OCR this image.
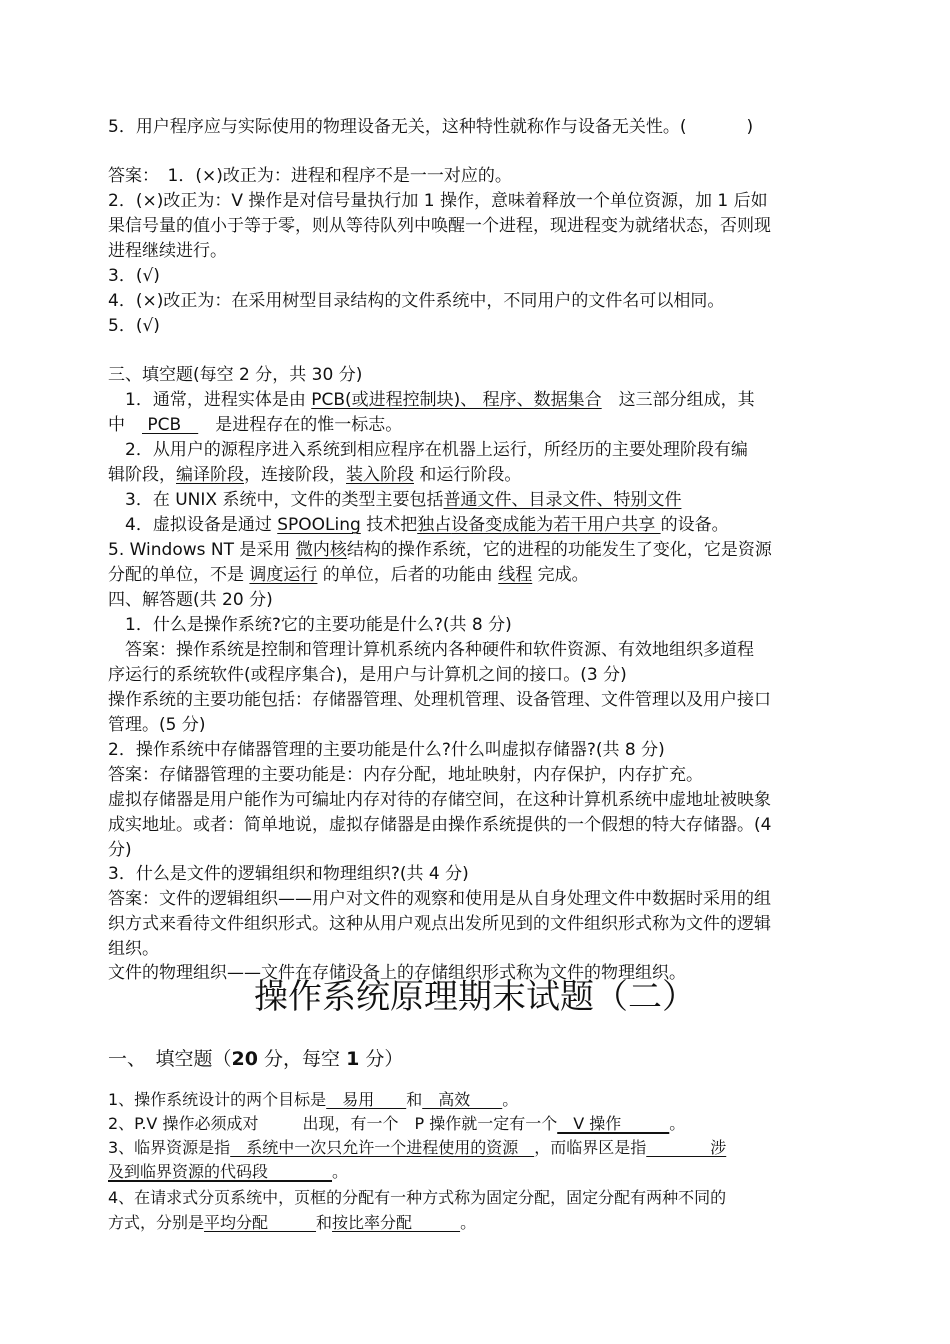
5．用户程序应与实际使用的物理设备无关，这种特性就称作与设备无关性。(	)
答案：　1．(×)改正为：进程和程序不是一一对应的。
2．(×)改正为：V 操作是对信号量执行加 1 操作，意味着释放一个单位资源，加 1 后如
果信号量的值小于等于零，则从等待队列中唤醒一个进程，现进程变为就绪状态，否则现
进程继续进行。
3．(√)
4．(×)改正为：在采用树型目录结构的文件系统中，不同用户的文件名可以相同。
5．(√)
三、填空题(每空 2 分，共 30 分)
　1．通常，进程实体是由 PCB(或进程控制块)、 程序、数据集合　这三部分组成，其
中　 PCB　　是进程存在的惟一标志。
　2．从用户的源程序进入系统到相应程序在机器上运行，所经历的主要处理阶段有编
辑阶段，编译阶段，连接阶段，装入阶段 和运行阶段。
　3．在 UNIX 系统中，文件的类型主要包括普通文件、目录文件、特别文件
　4．虚拟设备是通过 SPOOLing 技术把独占设备变成能为若干用户共享 的设备。
5. Windows NT 是采用 微内核结构的操作系统，它的进程的功能发生了变化，它是资源
分配的单位，不是 调度运行 的单位，后者的功能由 线程 完成。
四、解答题(共 20 分)
　1．什么是操作系统?它的主要功能是什么?(共 8 分)
　答案：操作系统是控制和管理计算机系统内各种硬件和软件资源、有效地组织多道程
序运行的系统软件(或程序集合)，是用户与计算机之间的接口。(3 分)
操作系统的主要功能包括：存储器管理、处理机管理、设备管理、文件管理以及用户接口
管理。(5 分)
2．操作系统中存储器管理的主要功能是什么?什么叫虚拟存储器?(共 8 分)
答案：存储器管理的主要功能是：内存分配，地址映射，内存保护，内存扩充。
虚拟存储器是用户能作为可编址内存对待的存储空间，在这种计算机系统中虚地址被映象
成实地址。或者：简单地说，虚拟存储器是由操作系统提供的一个假想的特大存储器。(4
分)
3．什么是文件的逻辑组织和物理组织?(共 4 分)
答案：文件的逻辑组织——用户对文件的观察和使用是从自身处理文件中数据时采用的组
织方式来看待文件组织形式。这种从用户观点出发所见到的文件组织形式称为文件的逻辑
组织。
文件的物理组织——文件在存储设备上的存储组织形式称为文件的物理组织。
操作系统原理期末试题（二）
一、　填空题（20 分，每空 1 分）
1、操作系统设计的两个目标是　易用　　和　高效　　。
2、P.V 操作必须成对	出现，有一个　P 操作就一定有一个　V 操作　　　。
3、临界资源是指　系统中一次只允许一个进程使用的资源　，而临界区是指　　　　涉
及到临界资源的代码段　　　　。
4、在请求式分页系统中，页框的分配有一种方式称为固定分配，固定分配有两种不同的
方式，分别是平均分配　　　和按比率分配　　　。
